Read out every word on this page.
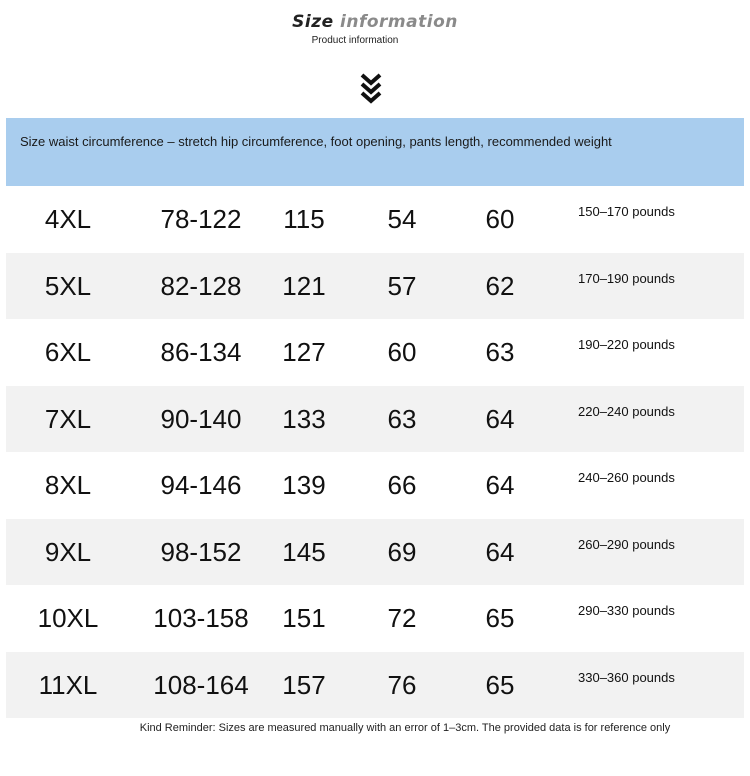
Size information
Product information
Size waist circumference – stretch hip circumference, foot opening, pants length, recommended weight
4XL	78-122	115	54	60	150–170 pounds
5XL	82-128	121	57	62	170–190 pounds
6XL	86-134	127	60	63	190–220 pounds
7XL	90-140	133	63	64	220–240 pounds
8XL	94-146	139	66	64	240–260 pounds
9XL	98-152	145	69	64	260–290 pounds
10XL	103-158	151	72	65	290–330 pounds
11XL	108-164	157	76	65	330–360 pounds
Kind Reminder: Sizes are measured manually with an error of 1–3cm. The provided data is for reference only
